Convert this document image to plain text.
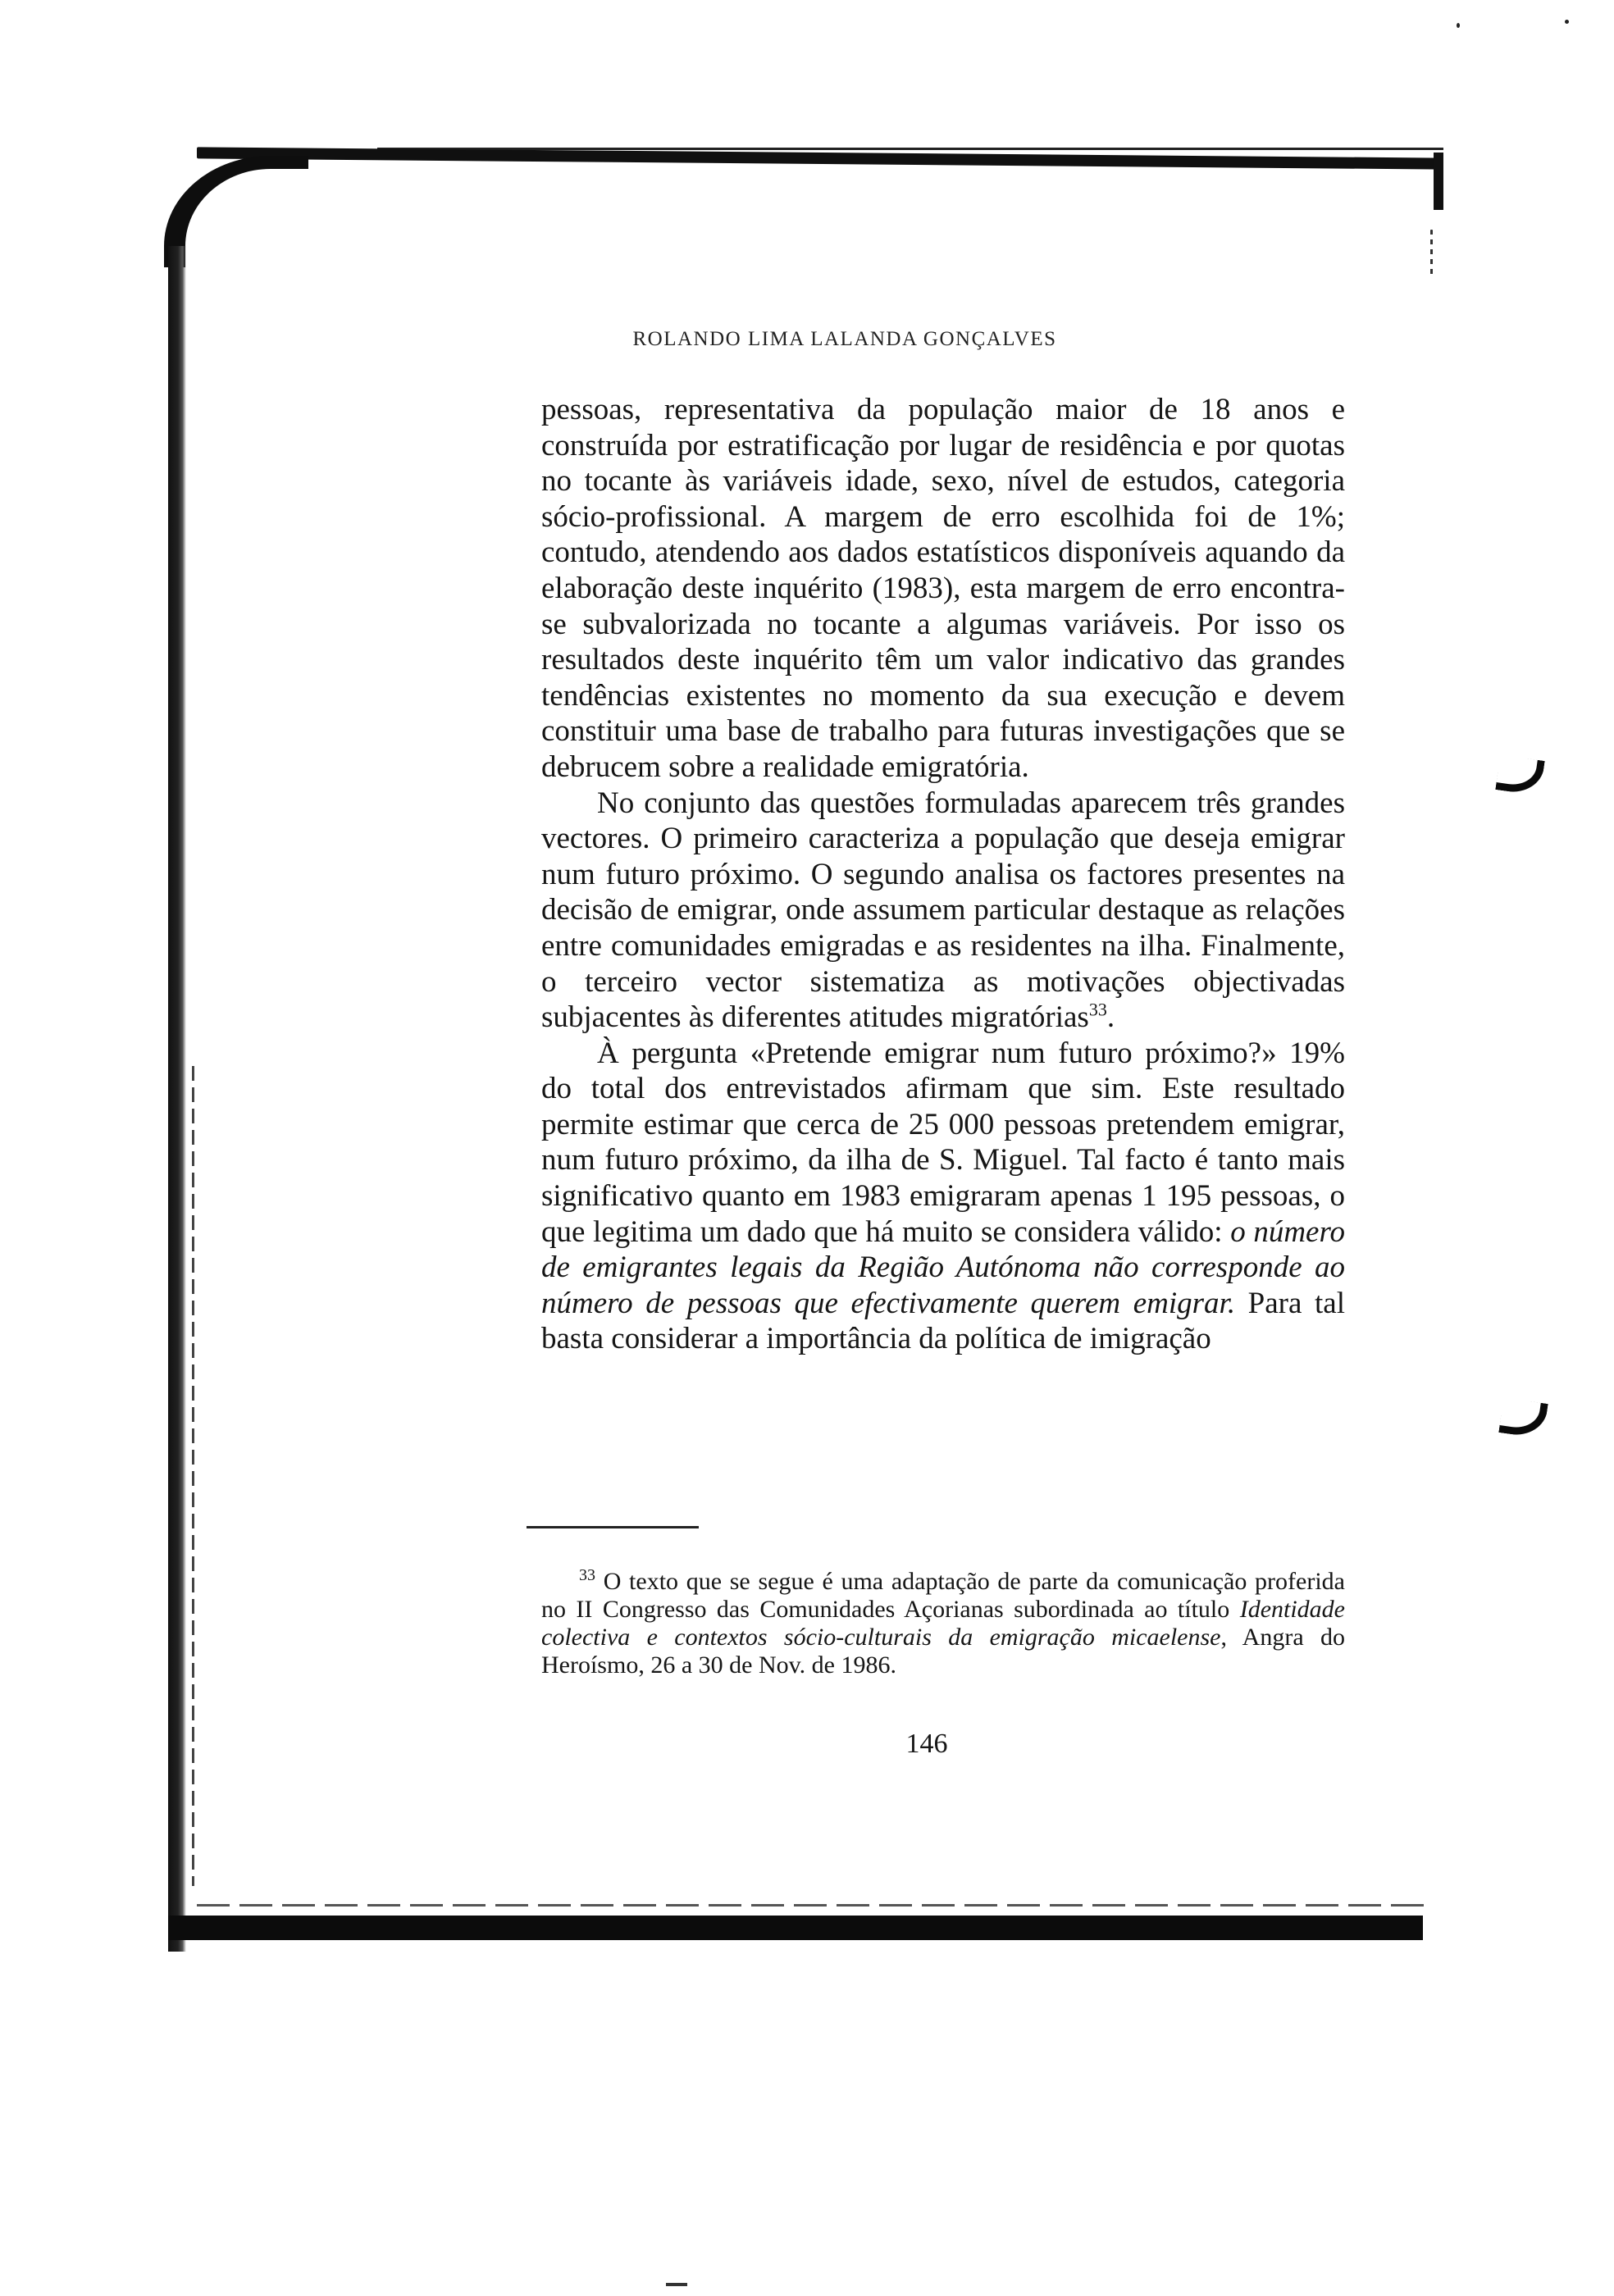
ROLANDO LIMA LALANDA GONÇALVES

pessoas, representativa da população maior de 18 anos e construída por estratificação por lugar de residência e por quotas no tocante às variáveis idade, sexo, nível de estudos, categoria sócio-profissional. A margem de erro escolhida foi de 1%; contudo, atendendo aos dados estatísticos disponíveis aquando da elaboração deste inquérito (1983), esta margem de erro encontra-se subvalorizada no tocante a algumas variáveis. Por isso os resultados deste inquérito têm um valor indicativo das grandes tendências existentes no momento da sua execução e devem constituir uma base de trabalho para futuras investigações que se debrucem sobre a realidade emigratória.

No conjunto das questões formuladas aparecem três grandes vectores. O primeiro caracteriza a população que deseja emigrar num futuro próximo. O segundo analisa os factores presentes na decisão de emigrar, onde assumem particular destaque as relações entre comunidades emigradas e as residentes na ilha. Finalmente, o terceiro vector sistematiza as motivações objectivadas subjacentes às diferentes atitudes migratórias$^{33}$.

À pergunta «Pretende emigrar num futuro próximo?» 19% do total dos entrevistados afirmam que sim. Este resultado permite estimar que cerca de 25 000 pessoas pretendem emigrar, num futuro próximo, da ilha de S. Miguel. Tal facto é tanto mais significativo quanto em 1983 emigraram apenas 1 195 pessoas, o que legitima um dado que há muito se considera válido: o número de emigrantes legais da Região Autónoma não corresponde ao número de pessoas que efectivamente querem emigrar. Para tal basta considerar a importância da política de imigração

$^{33}$ O texto que se segue é uma adaptação de parte da comunicação proferida no II Congresso das Comunidades Açorianas subordinada ao título Identidade colectiva e contextos sócio-culturais da emigração micaelense, Angra do Heroísmo, 26 a 30 de Nov. de 1986.
146
